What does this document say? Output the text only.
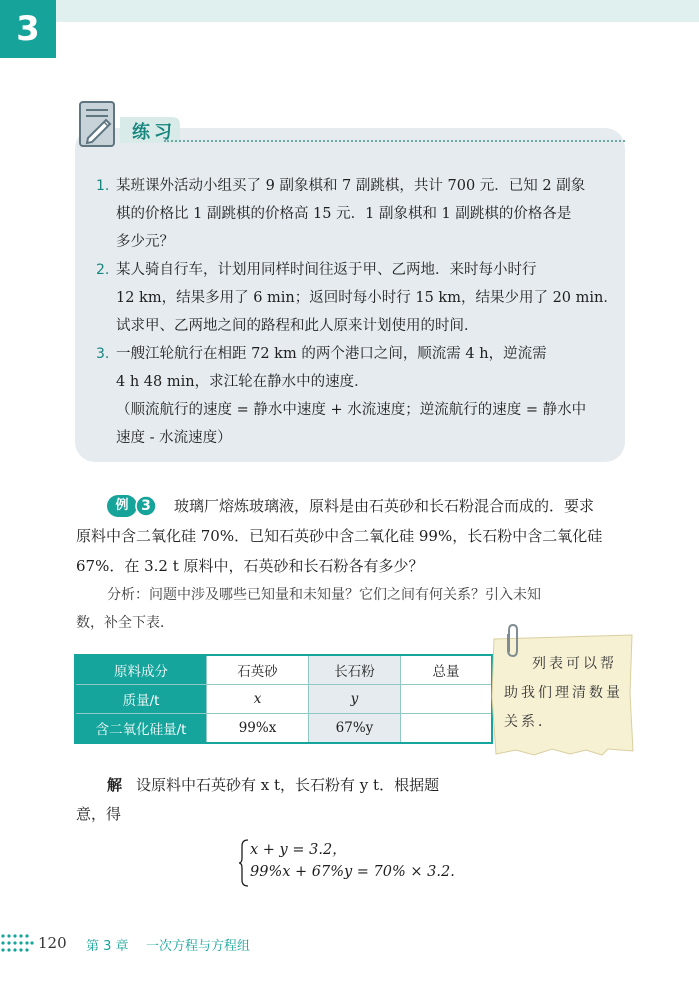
3
练习
1. 某班课外活动小组买了 9 副象棋和 7 副跳棋，共计 700 元．已知 2 副象
棋的价格比 1 副跳棋的价格高 15 元．1 副象棋和 1 副跳棋的价格各是
多少元？
2. 某人骑自行车，计划用同样时间往返于甲、乙两地．来时每小时行
12 km，结果多用了 6 min；返回时每小时行 15 km，结果少用了 20 min．
试求甲、乙两地之间的路程和此人原来计划使用的时间．
3. 一艘江轮航行在相距 72 km 的两个港口之间，顺流需 4 h，逆流需
4 h 48 min，求江轮在静水中的速度．
（顺流航行的速度 = 静水中速度 + 水流速度；逆流航行的速度 = 静水中
速度 - 水流速度）
例 3	玻璃厂熔炼玻璃液，原料是由石英砂和长石粉混合而成的．要求
原料中含二氧化硅 70%．已知石英砂中含二氧化硅 99%，长石粉中含二氧化硅
67%．在 3.2 t 原料中，石英砂和长石粉各有多少？
分析：问题中涉及哪些已知量和未知量？它们之间有何关系？引入未知
数，补全下表．
原料成分	石英砂	长石粉	总量
质量/t	x	y	
含二氧化硅量/t	99%x	67%y	
列表可以帮
助我们理清数量
关系．
解 设原料中石英砂有 x t，长石粉有 y t．根据题
意，得
x + y = 3.2，
99%x + 67%y = 70% × 3.2.
120 第 3 章 一次方程与方程组
